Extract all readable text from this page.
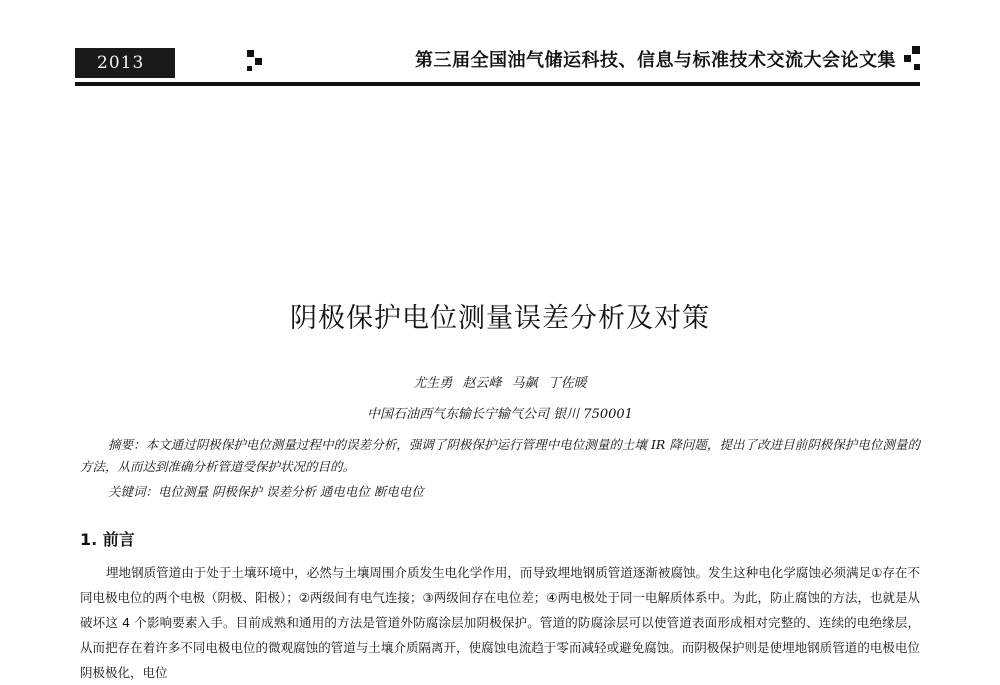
2013	第三届全国油气储运科技、信息与标准技术交流大会论文集
阴极保护电位测量误差分析及对策
尤生勇 赵云峰 马飙 丁佐暖
中国石油西气东输长宁输气公司 银川 750001
摘要：本文通过阴极保护电位测量过程中的误差分析，强调了阴极保护运行管理中电位测量的土壤 IR 降问题，提出了改进目前阴极保护电位测量的方法，从而达到准确分析管道受保护状况的目的。
关键词：电位测量 阴极保护 误差分析 通电电位 断电电位
1. 前言
埋地钢质管道由于处于土壤环境中，必然与土壤周围介质发生电化学作用，而导致埋地钢质管道逐渐被腐蚀。发生这种电化学腐蚀必须满足①存在不同电极电位的两个电极（阴极、阳极）；②两级间有电气连接；③两级间存在电位差；④两电极处于同一电解质体系中。为此，防止腐蚀的方法，也就是从破坏这 4 个影响要素入手。目前成熟和通用的方法是管道外防腐涂层加阴极保护。管道的防腐涂层可以使管道表面形成相对完整的、连续的电绝缘层，从而把存在着许多不同电极电位的微观腐蚀的管道与土壤介质隔离开，使腐蚀电流趋于零而减轻或避免腐蚀。而阴极保护则是使埋地钢质管道的电极电位阴极极化，电位
